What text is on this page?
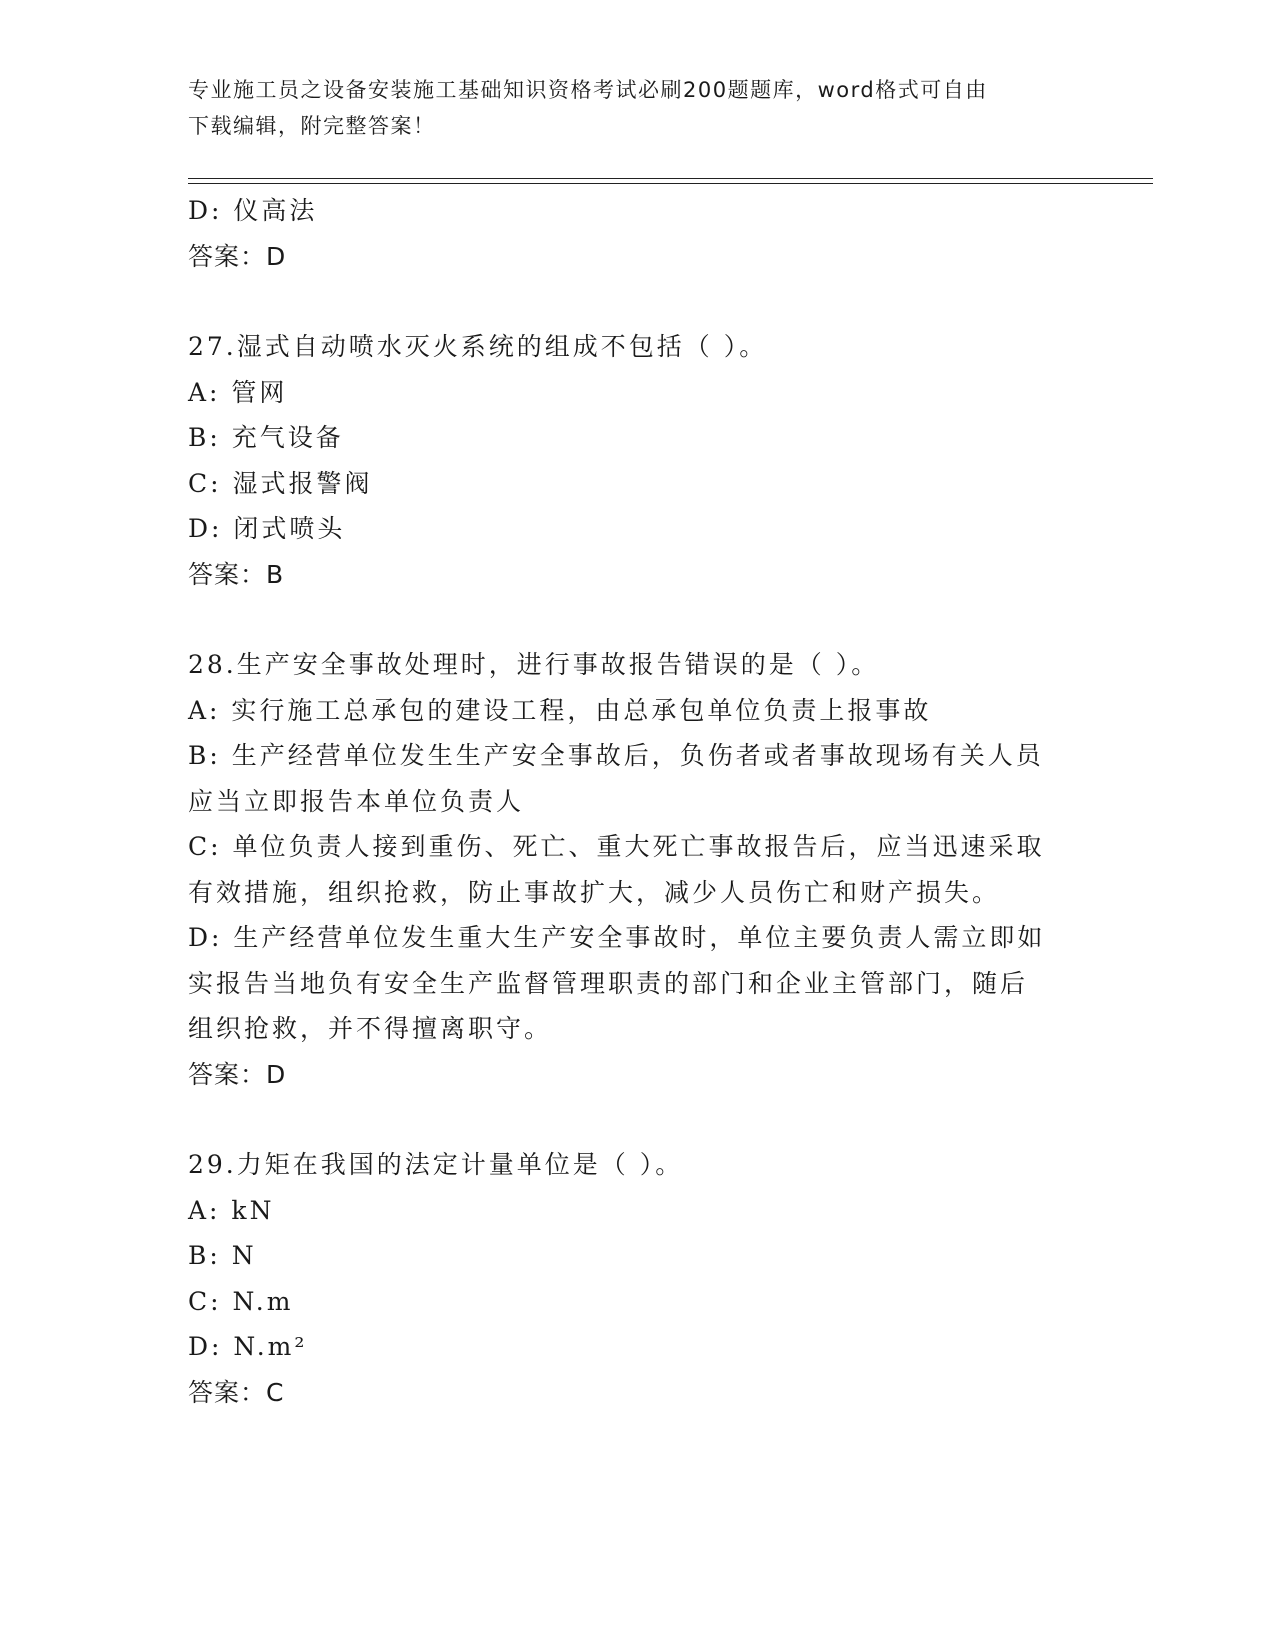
专业施工员之设备安装施工基础知识资格考试必刷200题题库，word格式可自由
下载编辑，附完整答案！
D: 仪高法
答案：D
27.湿式自动喷水灭火系统的组成不包括（ ）。
A: 管网
B: 充气设备
C: 湿式报警阀
D: 闭式喷头
答案：B
28.生产安全事故处理时，进行事故报告错误的是（ ）。
A: 实行施工总承包的建设工程，由总承包单位负责上报事故
B: 生产经营单位发生生产安全事故后，负伤者或者事故现场有关人员
应当立即报告本单位负责人
C: 单位负责人接到重伤、死亡、重大死亡事故报告后，应当迅速采取
有效措施，组织抢救，防止事故扩大，减少人员伤亡和财产损失。
D: 生产经营单位发生重大生产安全事故时，单位主要负责人需立即如
实报告当地负有安全生产监督管理职责的部门和企业主管部门，随后
组织抢救，并不得擅离职守。
答案：D
29.力矩在我国的法定计量单位是（ ）。
A: kN
B: N
C: N.m
D: N.m²
答案：C
